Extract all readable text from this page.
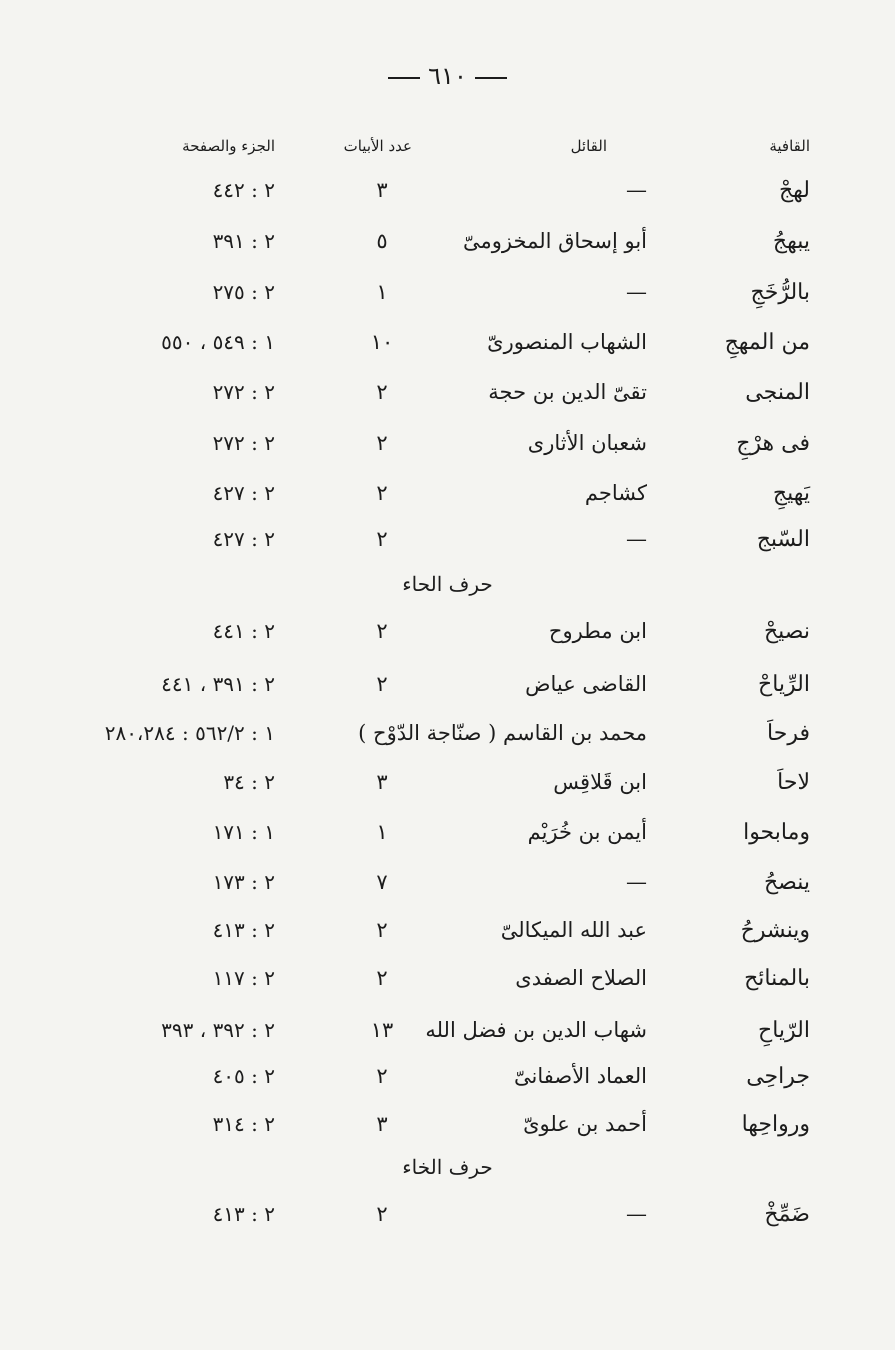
٦١٠
القافية
القائل
عدد الأبيات
الجزء والصفحة
لهجْ
—
٣
٢ : ٤٤٢
يبهجُ
أبو إسحاق المخزومىّ
٥
٢ : ٣٩١
بالرُّخَجِ
—
١
٢ : ٢٧٥
من المهجِ
الشهاب المنصورىّ
١٠
١ : ٥٤٩ ، ٥٥٠
المنجى
تقىّ الدين بن حجة
٢
٢ : ٢٧٢
فى هرْجِ
شعبان الأثارى
٢
٢ : ٢٧٢
يَهيجِ
كشاجم
٢
٢ : ٤٢٧
السّبج
—
٢
٢ : ٤٢٧
حرف الحاء
نصيحْ
ابن مطروح
٢
٢ : ٤٤١
الرِّياحْ
القاضى عياض
٢
٢ : ٣٩١ ، ٤٤١
فرحاَ
محمد بن القاسم ( صنّاجة الدّوْح )
١ : ٥٦٢/٢ : ٢٨٠،٢٨٤
لاحاَ
ابن قَلاقِس
٣
٢ : ٣٤
ومابحوا
أيمن بن خُرَيْم
١
١ : ١٧١
ينصحُ
—
٧
٢ : ١٧٣
وينشرحُ
عبد الله الميكالىّ
٢
٢ : ٤١٣
بالمنائح
الصلاح الصفدى
٢
٢ : ١١٧
الرّياحِ
شهاب الدين بن فضل الله
١٣
٢ : ٣٩٢ ، ٣٩٣
جراحِى
العماد الأصفانىّ
٢
٢ : ٤٠٥
ورواحِها
أحمد بن علوىّ
٣
٢ : ٣١٤
حرف الخاء
ضَمِّخْ
—
٢
٢ : ٤١٣
